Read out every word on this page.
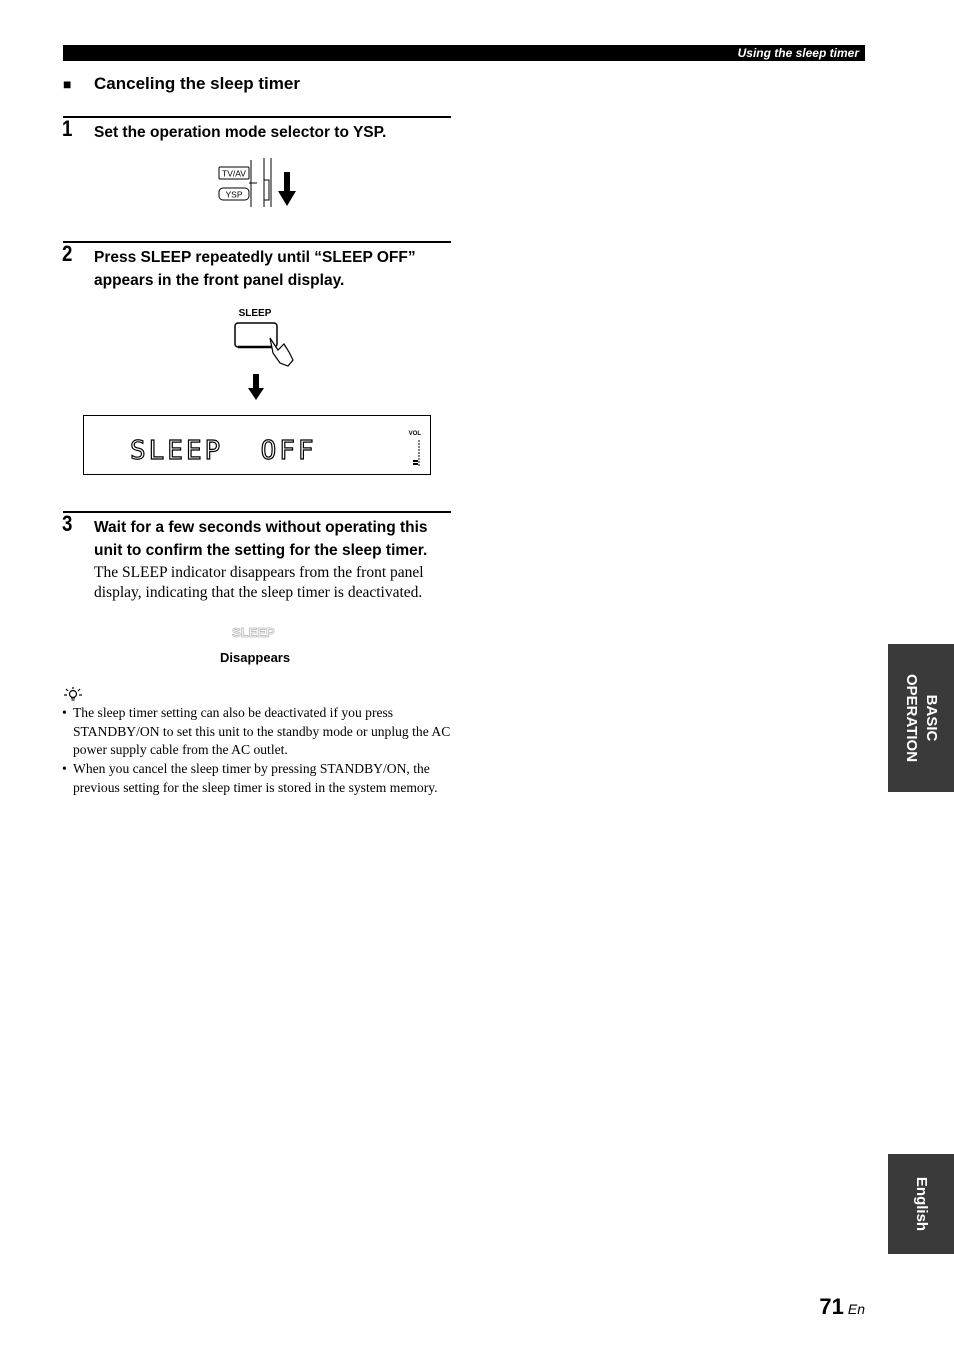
Using the sleep timer
■ Canceling the sleep timer
1 Set the operation mode selector to YSP.
TV/AV
YSP
2 Press SLEEP repeatedly until “SLEEP OFF” appears in the front panel display.
SLEEP
SLEEP  OFF
VOL
3 Wait for a few seconds without operating this unit to confirm the setting for the sleep timer.
The SLEEP indicator disappears from the front panel display, indicating that the sleep timer is deactivated.
SLEEP
Disappears
• The sleep timer setting can also be deactivated if you press STANDBY/ON to set this unit to the standby mode or unplug the AC power supply cable from the AC outlet.
• When you cancel the sleep timer by pressing STANDBY/ON, the previous setting for the sleep timer is stored in the system memory.
BASIC
OPERATION
English
71 En
